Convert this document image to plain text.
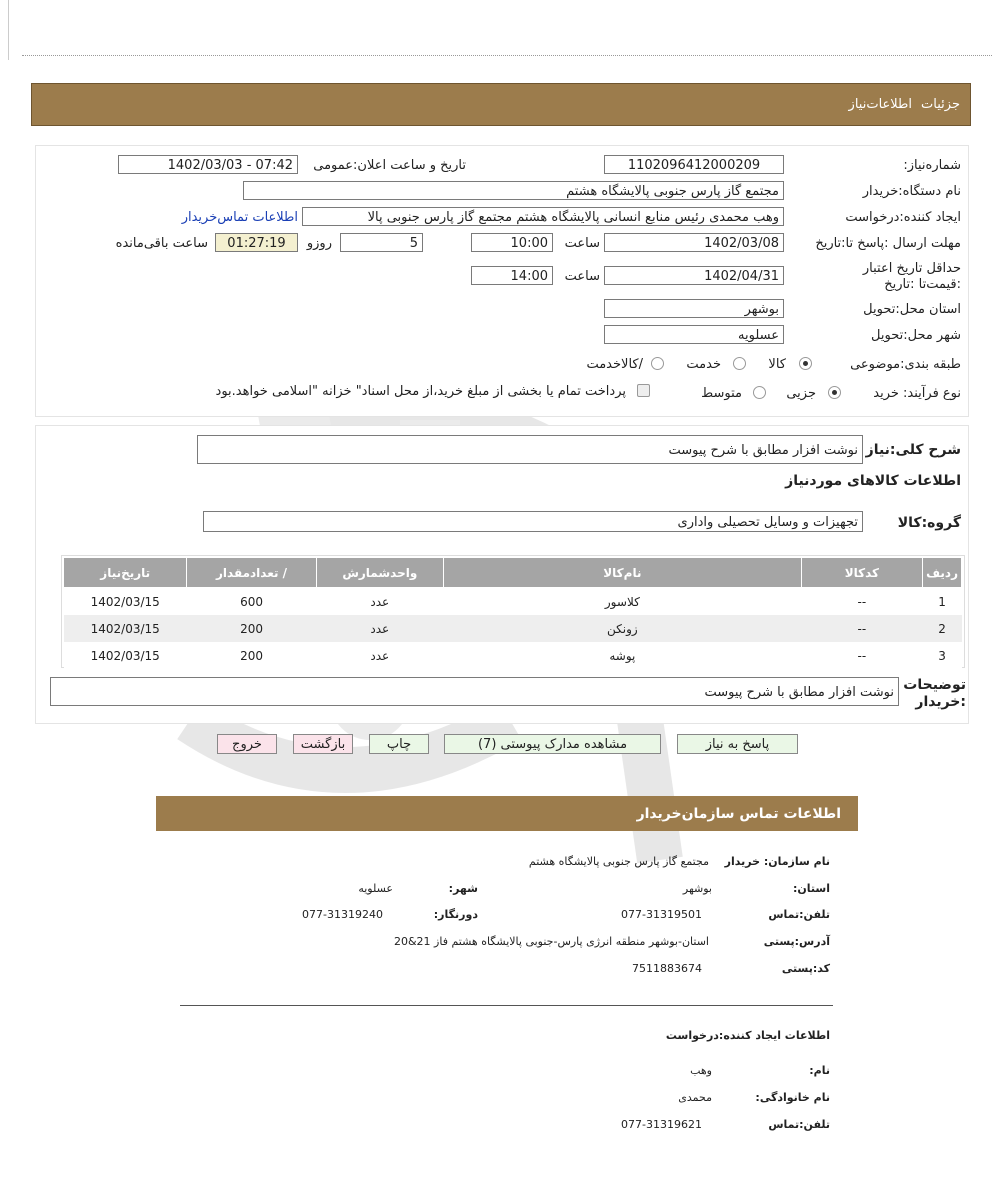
جزئیات
اطلاعات‌نیاز
شماره‌نیاز:
1102096412000209
تاریخ و ساعت اعلان:عمومی
1402/03/03 - 07:42
نام دستگاه:خریدار
مجتمع گاز پارس جنوبی پالایشگاه هشتم
ایجاد کننده:درخواست
وهب محمدی رئیس منابع انسانی پالایشگاه هشتم مجتمع گاز پارس جنوبی پالا
اطلاعات تماس‌خریدار
مهلت ارسال :پاسخ تا:تاریخ
1402/03/08
ساعت
10:00
5
روزو
01:27:19
ساعت باقی‌مانده
حداقل تاریخ اعتبار :قیمت‌تا :تاریخ
1402/04/31
ساعت
14:00
استان محل:تحویل
بوشهر
شهر محل:تحویل
عسلویه
طبقه بندی:موضوعی
کالا
خدمت
/کالاخدمت
نوع فرآیند: خرید
جزیی
متوسط
پرداخت تمام یا بخشی از مبلغ خرید،از محل اسناد" خزانه "اسلامی خواهد.بود
شرح کلی:نیاز
نوشت افزار مطابق با شرح پیوست
اطلاعات کالاهای موردنیاز
گروه:کالا
تجهیزات و وسایل تحصیلی واداری
ردیف	کدکالا	نام‌کالا	واحدشمارش	/ تعدادمقدار	تاریخ‌نیاز
1	--	کلاسور	عدد	600	1402/03/15
2	--	زونکن	عدد	200	1402/03/15
3	--	پوشه	عدد	200	1402/03/15
توضیحات :خریدار
نوشت افزار مطابق با شرح پیوست
پاسخ به نیاز
مشاهده مدارک پیوستی (7)
چاپ
بازگشت
خروج
اطلاعات تماس سازمان‌خریدار
نام سازمان: خریدار
مجتمع گاز پارس جنوبی پالایشگاه هشتم
استان:
بوشهر
شهر:
عسلویه
تلفن:تماس
077-31319501
دورنگار:
077-31319240
آدرس:پستی
استان-بوشهر منطقه انرژی پارس-جنوبی پالایشگاه هشتم فاز 21&20
کد:پستی
7511883674
اطلاعات ایجاد کننده:درخواست
نام:
وهب
نام خانوادگی:
محمدی
تلفن:تماس
077-31319621
